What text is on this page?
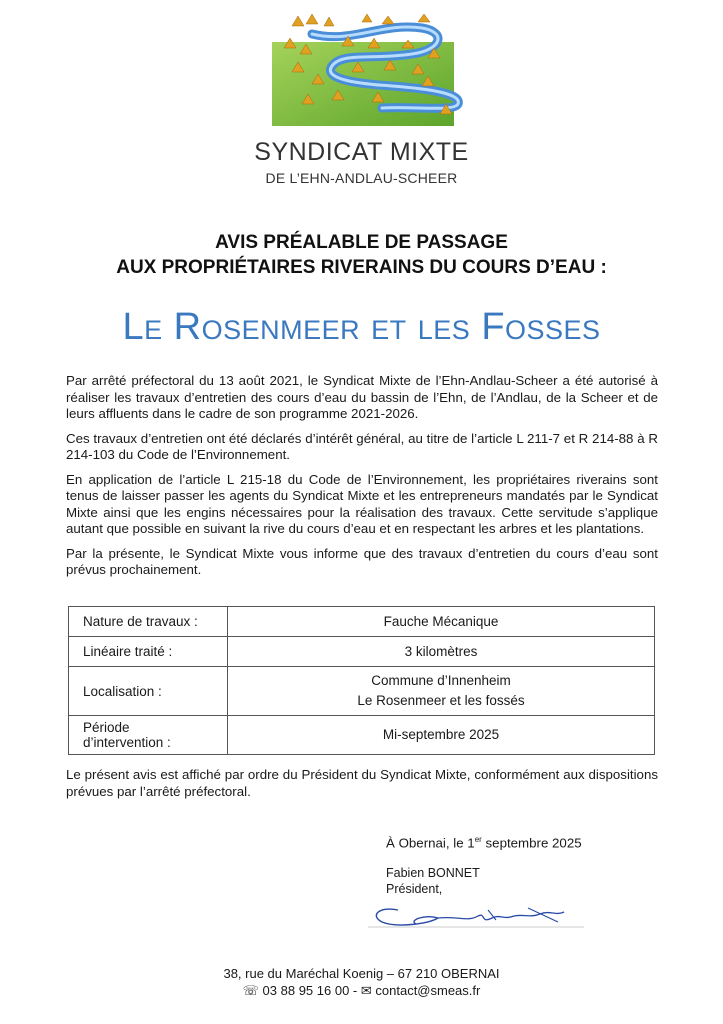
SYNDICAT MIXTE
DE L’EHN-ANDLAU-SCHEER
AVIS PRÉALABLE DE PASSAGE
AUX PROPRIÉTAIRES RIVERAINS DU COURS D’EAU :
Le Rosenmeer et les Fosses

Par arrêté préfectoral du 13 août 2021, le Syndicat Mixte de l’Ehn-Andlau-Scheer a été autorisé à réaliser les travaux d’entretien des cours d’eau du bassin de l’Ehn, de l’Andlau, de la Scheer et de leurs affluents dans le cadre de son programme 2021-2026.

Ces travaux d’entretien ont été déclarés d’intérêt général, au titre de l’article L 211-7 et R 214-88 à R 214-103 du Code de l’Environnement.

En application de l’article L 215-18 du Code de l’Environnement, les propriétaires riverains sont tenus de laisser passer les agents du Syndicat Mixte et les entrepreneurs mandatés par le Syndicat Mixte ainsi que les engins nécessaires pour la réalisation des travaux. Cette servitude s’applique autant que possible en suivant la rive du cours d’eau et en respectant les arbres et les plantations.

Par la présente, le Syndicat Mixte vous informe que des travaux d’entretien du cours d’eau sont prévus prochainement.

Nature de travaux :	Fauche Mécanique
Linéaire traité :	3 kilomètres
Localisation :	Commune d’Innenheim
Le Rosenmeer et les fossés

Période d’intervention :	Mi-septembre 2025
Le présent avis est affiché par ordre du Président du Syndicat Mixte, conformément aux dispositions prévues par l’arrêté préfectoral.
À Obernai, le 1er septembre 2025
Fabien BONNET
Président,
38, rue du Maréchal Koenig – 67 210 OBERNAI
☏ 03 88 95 16 00 - ✉ contact@smeas.fr
